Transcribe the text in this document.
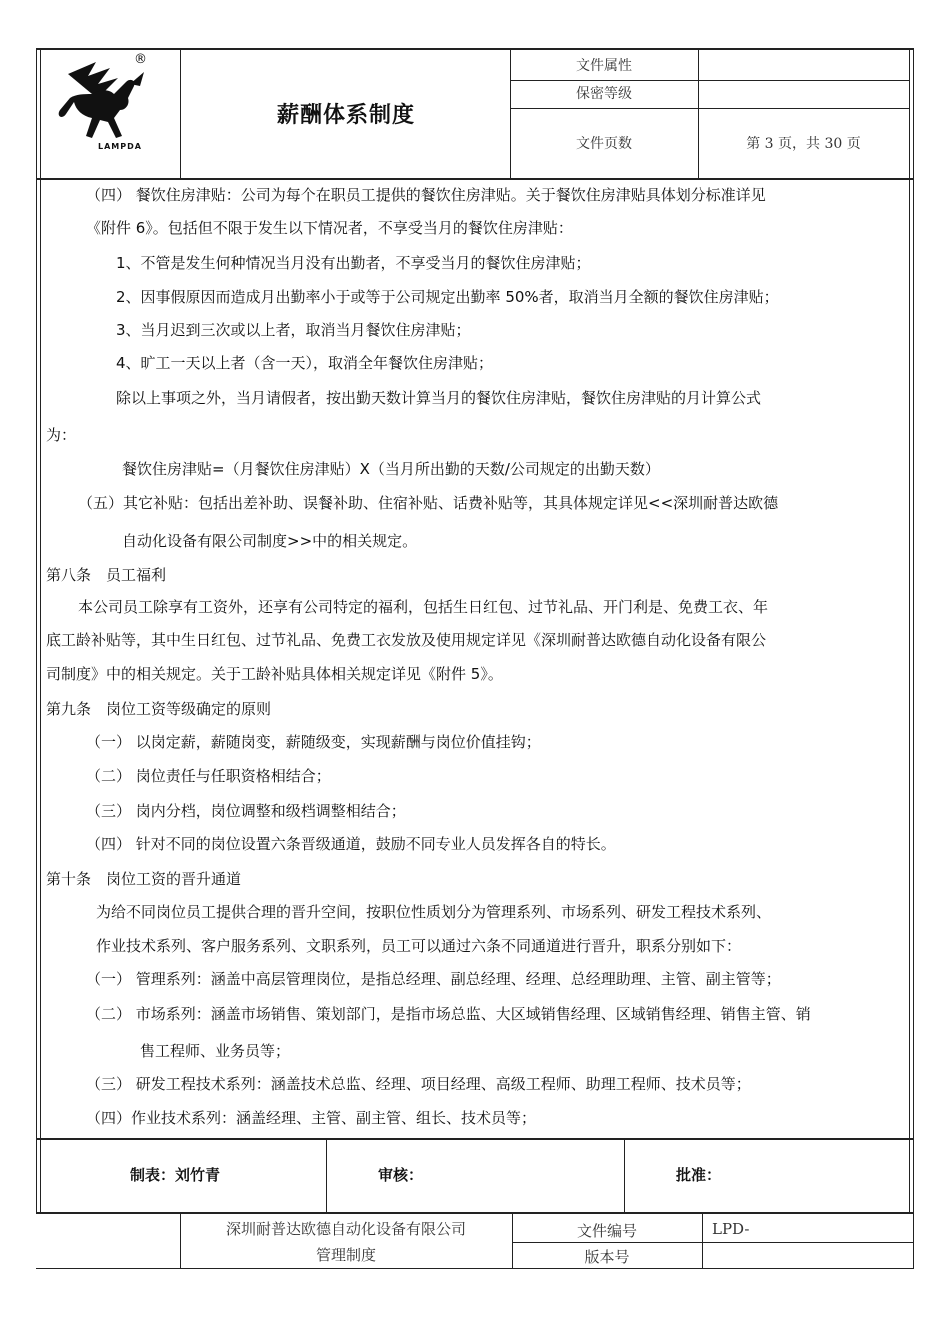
LAMPDA
®
薪酬体系制度
文件属性
保密等级
文件页数	第 3 页，共 30 页
（四） 餐饮住房津贴：公司为每个在职员工提供的餐饮住房津贴。关于餐饮住房津贴具体划分标准详见
《附件 6》。包括但不限于发生以下情况者，不享受当月的餐饮住房津贴：
1、不管是发生何种情况当月没有出勤者，不享受当月的餐饮住房津贴；
2、因事假原因而造成月出勤率小于或等于公司规定出勤率 50%者，取消当月全额的餐饮住房津贴；
3、当月迟到三次或以上者，取消当月餐饮住房津贴；
4、旷工一天以上者（含一天），取消全年餐饮住房津贴；
除以上事项之外，当月请假者，按出勤天数计算当月的餐饮住房津贴，餐饮住房津贴的月计算公式
为：
餐饮住房津贴=（月餐饮住房津贴）X（当月所出勤的天数/公司规定的出勤天数）
（五）其它补贴：包括出差补助、误餐补助、住宿补贴、话费补贴等，其具体规定详见<<深圳耐普达欧德
自动化设备有限公司制度>>中的相关规定。
第八条　员工福利
本公司员工除享有工资外，还享有公司特定的福利，包括生日红包、过节礼品、开门利是、免费工衣、年
底工龄补贴等，其中生日红包、过节礼品、免费工衣发放及使用规定详见《深圳耐普达欧德自动化设备有限公
司制度》中的相关规定。关于工龄补贴具体相关规定详见《附件 5》。
第九条　岗位工资等级确定的原则
（一） 以岗定薪，薪随岗变，薪随级变，实现薪酬与岗位价值挂钩；
（二） 岗位责任与任职资格相结合；
（三） 岗内分档，岗位调整和级档调整相结合；
（四） 针对不同的岗位设置六条晋级通道，鼓励不同专业人员发挥各自的特长。
第十条　岗位工资的晋升通道
为给不同岗位员工提供合理的晋升空间，按职位性质划分为管理系列、市场系列、研发工程技术系列、
作业技术系列、客户服务系列、文职系列，员工可以通过六条不同通道进行晋升，职系分别如下：
（一） 管理系列：涵盖中高层管理岗位，是指总经理、副总经理、经理、总经理助理、主管、副主管等；
（二） 市场系列：涵盖市场销售、策划部门，是指市场总监、大区域销售经理、区域销售经理、销售主管、销
售工程师、业务员等；
（三） 研发工程技术系列：涵盖技术总监、经理、项目经理、高级工程师、助理工程师、技术员等；
（四）作业技术系列：涵盖经理、主管、副主管、组长、技术员等；
制表：刘竹青	审核：	批准：
深圳耐普达欧德自动化设备有限公司
管理制度
文件编号	LPD-
版本号
